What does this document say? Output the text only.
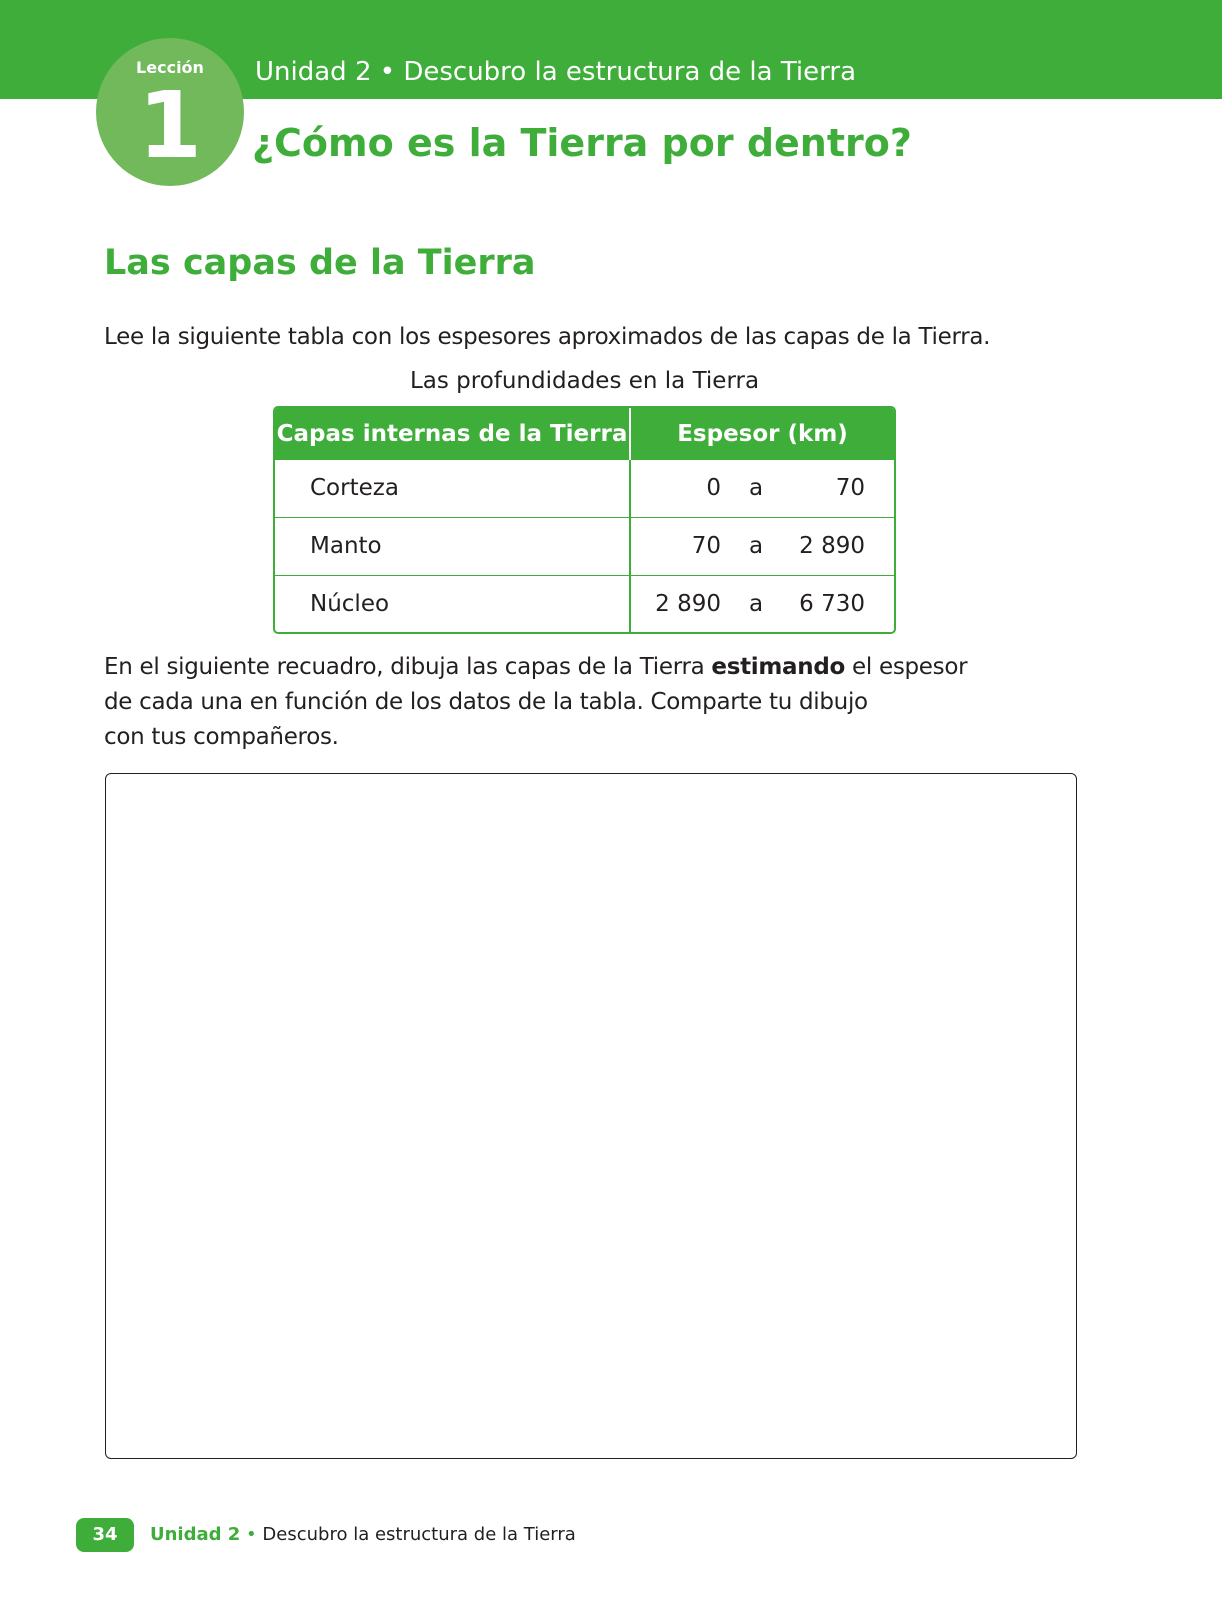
Unidad 2 • Descubro la estructura de la Tierra
Lección
1	¿Cómo es la Tierra por dentro?
Las capas de la Tierra
Lee la siguiente tabla con los espesores aproximados de las capas de la Tierra.
Las profundidades en la Tierra
Capas internas de la Tierra	Espesor (km)
Corteza	0	a	70
Manto	70	a	2 890
Núcleo	2 890	a	6 730
En el siguiente recuadro, dibuja las capas de la Tierra estimando el espesor
de cada una en función de los datos de la tabla. Comparte tu dibujo
con tus compañeros.
34	Unidad 2 • Descubro la estructura de la Tierra
